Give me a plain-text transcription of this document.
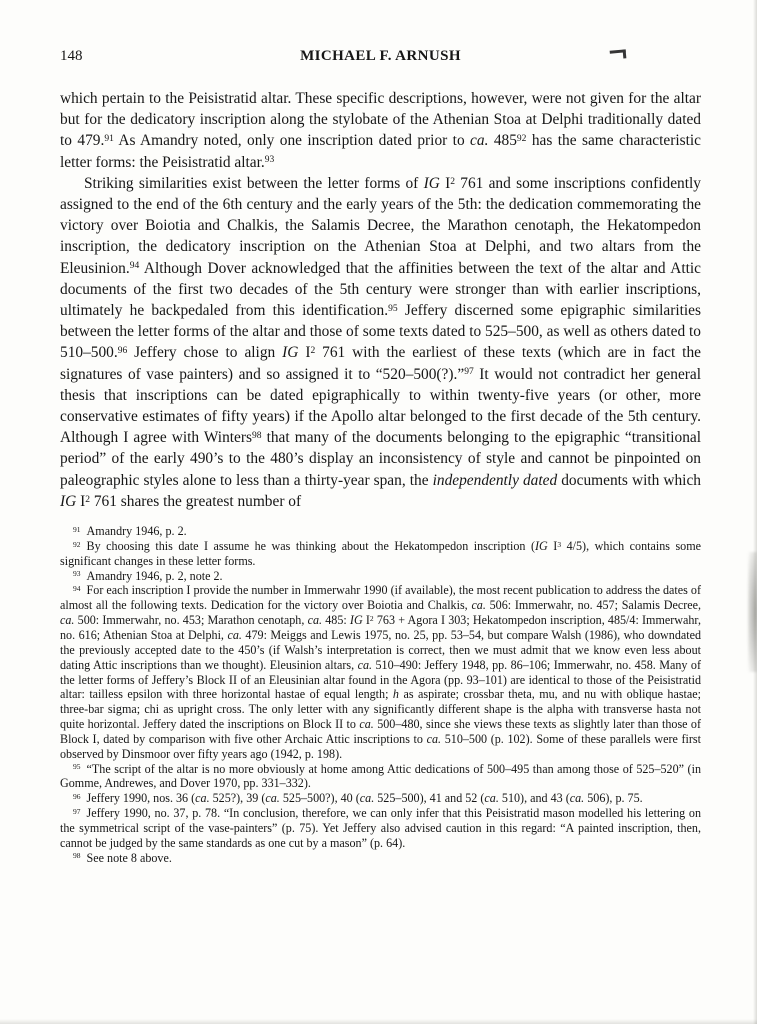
148	MICHAEL F. ARNUSH

which pertain to the Peisistratid altar. These specific descriptions, however, were not given for the altar but for the dedicatory inscription along the stylobate of the Athenian Stoa at Delphi traditionally dated to 479.91 As Amandry noted, only one inscription dated prior to ca. $485^{92}$ has the same characteristic letter forms: the Peisistratid altar.$^{93}$

Striking similarities exist between the letter forms of IG $I^2$ 761 and some inscriptions confidently assigned to the end of the 6th century and the early years of the 5th: the dedication commemorating the victory over Boiotia and Chalkis, the Salamis Decree, the Marathon cenotaph, the Hekatompedon inscription, the dedicatory inscription on the Athenian Stoa at Delphi, and two altars from the Eleusinion.$^{94}$ Although Dover acknowledged that the affinities between the text of the altar and Attic documents of the first two decades of the 5th century were stronger than with earlier inscriptions, ultimately he backpedaled from this identification.$^{95}$ Jeffery discerned some epigraphic similarities between the letter forms of the altar and those of some texts dated to 525–500, as well as others dated to 510–500.96 Jeffery chose to align IG $I^2$ 761 with the earliest of these texts (which are in fact the signatures of vase painters) and so assigned it to “520–500(?).”$^{97}$ It would not contradict her general thesis that inscriptions can be dated epigraphically to within twenty-five years (or other, more conservative estimates of fifty years) if the Apollo altar belonged to the first decade of the 5th century. Although I agree with Winters$^{98}$ that many of the documents belonging to the epigraphic “transitional period” of the early 490’s to the 480’s display an inconsistency of style and cannot be pinpointed on paleographic styles alone to less than a thirty-year span, the independently dated documents with which IG $I^2$ 761 shares the greatest number of

$^{91}$  Amandry 1946, p. 2.

$^{92}$  By choosing this date I assume he was thinking about the Hekatompedon inscription (IG $I^3$ 4/5), which contains some significant changes in these letter forms.

$^{93}$  Amandry 1946, p. 2, note 2.

$^{94}$  For each inscription I provide the number in Immerwahr 1990 (if available), the most recent publication to address the dates of almost all the following texts. Dedication for the victory over Boiotia and Chalkis, ca. 506: Immerwahr, no. 457; Salamis Decree, ca. 500: Immerwahr, no. 453; Marathon cenotaph, ca. 485: IG $I^2$ 763 + Agora I 303; Hekatompedon inscription, 485/4: Immerwahr, no. 616; Athenian Stoa at Delphi, ca. 479: Meiggs and Lewis 1975, no. 25, pp. 53–54, but compare Walsh (1986), who downdated the previously accepted date to the 450’s (if Walsh’s interpretation is correct, then we must admit that we know even less about dating Attic inscriptions than we thought). Eleusinion altars, ca. 510–490: Jeffery 1948, pp. 86–106; Immerwahr, no. 458. Many of the letter forms of Jeffery’s Block II of an Eleusinian altar found in the Agora (pp. 93–101) are identical to those of the Peisistratid altar: tailless epsilon with three horizontal hastae of equal length; h as aspirate; crossbar theta, mu, and nu with oblique hastae; three-bar sigma; chi as upright cross. The only letter with any significantly different shape is the alpha with transverse hasta not quite horizontal. Jeffery dated the inscriptions on Block II to ca. 500–480, since she views these texts as slightly later than those of Block I, dated by comparison with five other Archaic Attic inscriptions to ca. 510–500 (p. 102). Some of these parallels were first observed by Dinsmoor over fifty years ago (1942, p. 198).

$^{95}$  “The script of the altar is no more obviously at home among Attic dedications of 500–495 than among those of 525–520” (in Gomme, Andrewes, and Dover 1970, pp. 331–332).

$^{96}$  Jeffery 1990, nos. 36 (ca. 525?), 39 (ca. 525–500?), 40 (ca. 525–500), 41 and 52 (ca. 510), and 43 (ca. 506), p. 75.

$^{97}$  Jeffery 1990, no. 37, p. 78. “In conclusion, therefore, we can only infer that this Peisistratid mason modelled his lettering on the symmetrical script of the vase-painters” (p. 75). Yet Jeffery also advised caution in this regard: “A painted inscription, then, cannot be judged by the same standards as one cut by a mason” (p. 64).

$^{98}$  See note 8 above.
